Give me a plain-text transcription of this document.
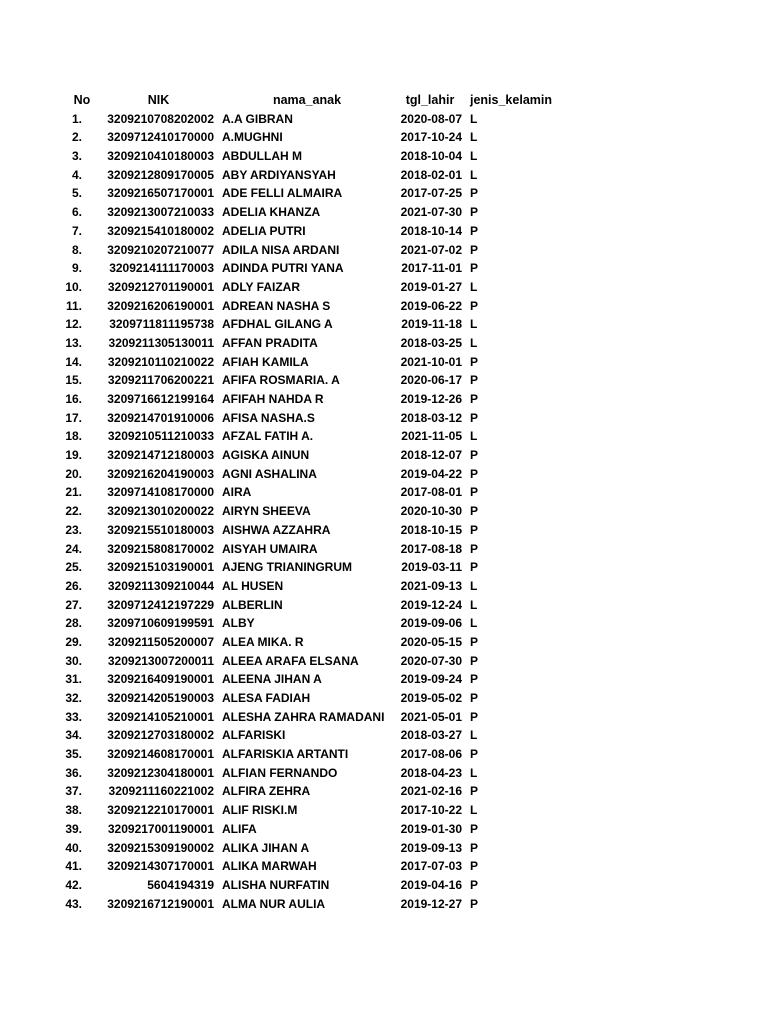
No	NIK	nama_anak	tgl_lahir	jenis_kelamin
1.	3209210708202002 A.A GIBRAN	2020-08-07 L
2.	3209712410170000 A.MUGHNI	2017-10-24 L
3.	3209210410180003 ABDULLAH M	2018-10-04 L
4.	3209212809170005 ABY ARDIYANSYAH	2018-02-01 L
5.	3209216507170001 ADE FELLI ALMAIRA	2017-07-25 P
6.	3209213007210033 ADELIA KHANZA	2021-07-30 P
7.	3209215410180002 ADELIA PUTRI	2018-10-14 P
8.	3209210207210077 ADILA NISA ARDANI	2021-07-02 P
9.	3209214111170003 ADINDA PUTRI YANA	2017-11-01 P
10.	3209212701190001 ADLY FAIZAR	2019-01-27 L
11.	3209216206190001 ADREAN NASHA S	2019-06-22 P
12.	3209711811195738 AFDHAL GILANG A	2019-11-18 L
13.	3209211305130011 AFFAN PRADITA	2018-03-25 L
14.	3209210110210022 AFIAH KAMILA	2021-10-01 P
15.	3209211706200221 AFIFA ROSMARIA. A	2020-06-17 P
16.	3209716612199164 AFIFAH NAHDA R	2019-12-26 P
17.	3209214701910006 AFISA NASHA.S	2018-03-12 P
18.	3209210511210033 AFZAL FATIH A.	2021-11-05 L
19.	3209214712180003 AGISKA AINUN	2018-12-07 P
20.	3209216204190003 AGNI ASHALINA	2019-04-22 P
21.	3209714108170000 AIRA	2017-08-01 P
22.	3209213010200022 AIRYN SHEEVA	2020-10-30 P
23.	3209215510180003 AISHWA AZZAHRA	2018-10-15 P
24.	3209215808170002 AISYAH UMAIRA	2017-08-18 P
25.	3209215103190001 AJENG TRIANINGRUM	2019-03-11 P
26.	3209211309210044 AL HUSEN	2021-09-13 L
27.	3209712412197229 ALBERLIN	2019-12-24 L
28.	3209710609199591 ALBY	2019-09-06 L
29.	3209211505200007 ALEA MIKA. R	2020-05-15 P
30.	3209213007200011 ALEEA ARAFA ELSANA	2020-07-30 P
31.	3209216409190001 ALEENA JIHAN A	2019-09-24 P
32.	3209214205190003 ALESA FADIAH	2019-05-02 P
33.	3209214105210001 ALESHA ZAHRA RAMADANI	2021-05-01 P
34.	3209212703180002 ALFARISKI	2018-03-27 L
35.	3209214608170001 ALFARISKIA ARTANTI	2017-08-06 P
36.	3209212304180001 ALFIAN FERNANDO	2018-04-23 L
37.	3209211160221002 ALFIRA ZEHRA	2021-02-16 P
38.	3209212210170001 ALIF RISKI.M	2017-10-22 L
39.	3209217001190001 ALIFA	2019-01-30 P
40.	3209215309190002 ALIKA JIHAN A	2019-09-13 P
41.	3209214307170001 ALIKA MARWAH	2017-07-03 P
42.	5604194319 ALISHA NURFATIN	2019-04-16 P
43.	3209216712190001 ALMA NUR AULIA	2019-12-27 P
